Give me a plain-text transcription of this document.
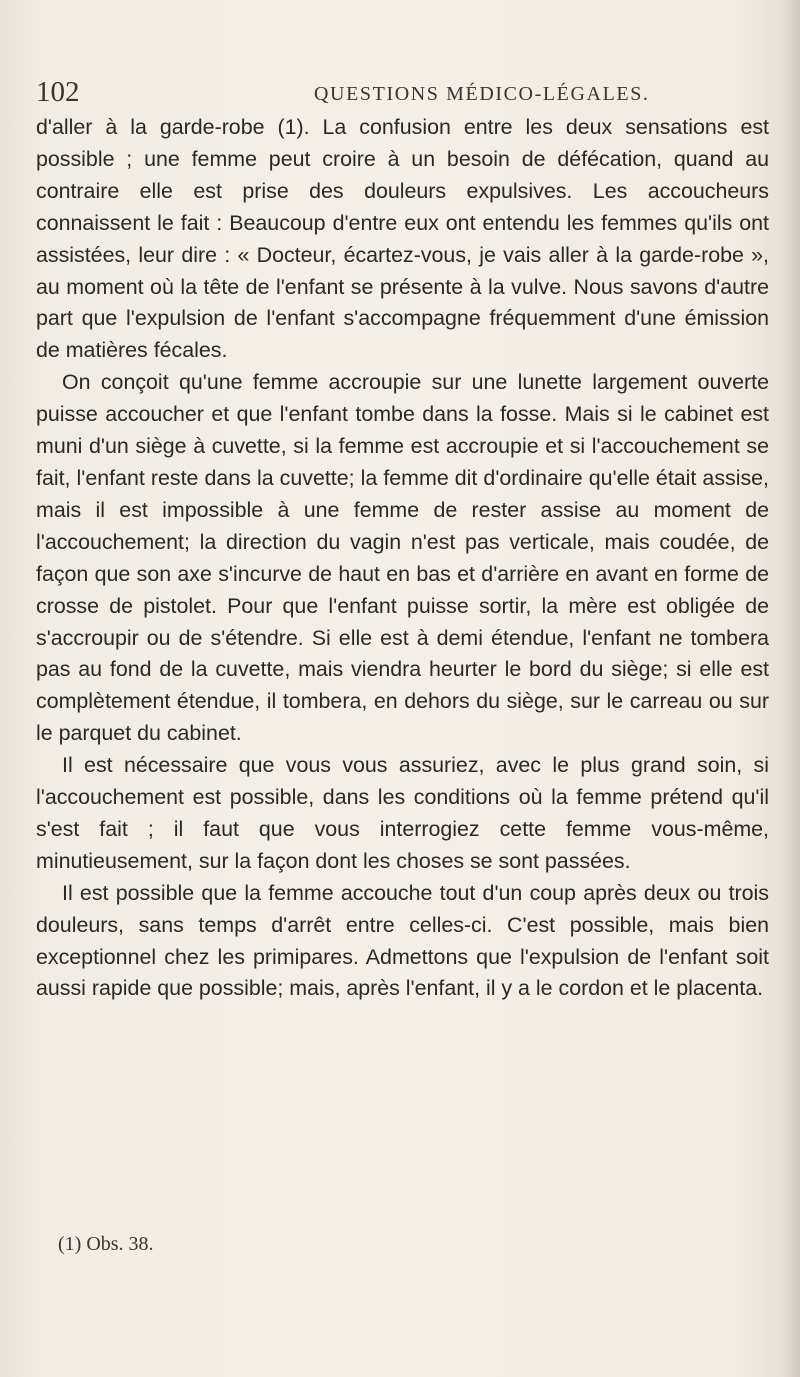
102	QUESTIONS MÉDICO-LÉGALES.

d'aller à la garde-robe (1). La confusion entre les deux sensations est possible ; une femme peut croire à un besoin de défécation, quand au contraire elle est prise des douleurs expulsives. Les accoucheurs connaissent le fait : Beaucoup d'entre eux ont entendu les femmes qu'ils ont assistées, leur dire : « Docteur, écartez-vous, je vais aller à la garde-robe », au moment où la tête de l'enfant se présente à la vulve. Nous savons d'autre part que l'expulsion de l'enfant s'accompagne fréquemment d'une émission de matières fécales.

On conçoit qu'une femme accroupie sur une lunette largement ouverte puisse accoucher et que l'enfant tombe dans la fosse. Mais si le cabinet est muni d'un siège à cuvette, si la femme est accroupie et si l'accouchement se fait, l'enfant reste dans la cuvette; la femme dit d'ordinaire qu'elle était assise, mais il est impossible à une femme de rester assise au moment de l'accouchement; la direction du vagin n'est pas verticale, mais coudée, de façon que son axe s'incurve de haut en bas et d'arrière en avant en forme de crosse de pistolet. Pour que l'enfant puisse sortir, la mère est obligée de s'accroupir ou de s'étendre. Si elle est à demi étendue, l'enfant ne tombera pas au fond de la cuvette, mais viendra heurter le bord du siège; si elle est complètement étendue, il tombera, en dehors du siège, sur le carreau ou sur le parquet du cabinet.

Il est nécessaire que vous vous assuriez, avec le plus grand soin, si l'accouchement est possible, dans les conditions où la femme prétend qu'il s'est fait ; il faut que vous interrogiez cette femme vous-même, minutieusement, sur la façon dont les choses se sont passées.

Il est possible que la femme accouche tout d'un coup après deux ou trois douleurs, sans temps d'arrêt entre celles-ci. C'est possible, mais bien exceptionnel chez les primipares. Admettons que l'expulsion de l'enfant soit aussi rapide que possible; mais, après l'enfant, il y a le cordon et le placenta.

(1) Obs. 38.
